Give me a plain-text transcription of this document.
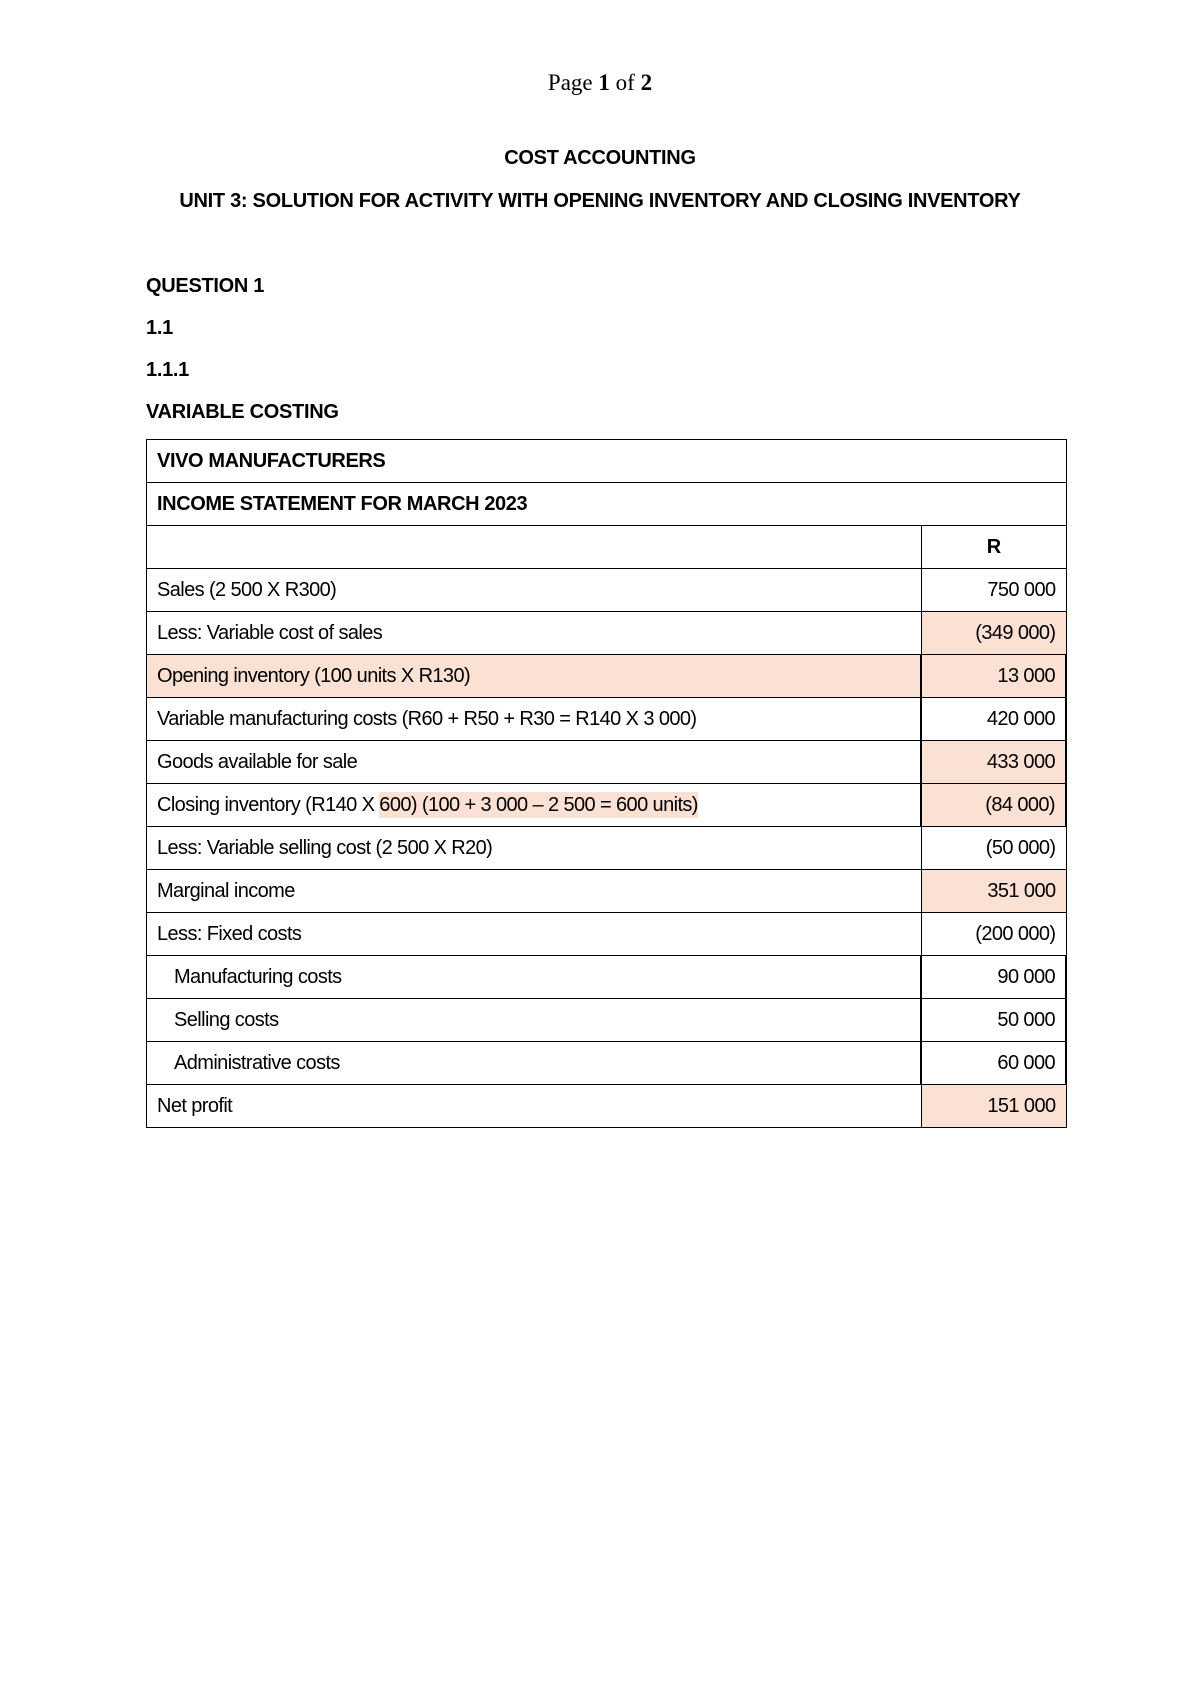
Page 1 of 2
COST ACCOUNTING
UNIT 3: SOLUTION FOR ACTIVITY WITH OPENING INVENTORY AND CLOSING INVENTORY
QUESTION 1
1.1
1.1.1
VARIABLE COSTING
VIVO MANUFACTURERS	
INCOME STATEMENT FOR MARCH 2023	
	R
Sales (2 500 X R300)	750 000
Less: Variable cost of sales	(349 000)
Opening inventory (100 units X R130)	13 000
Variable manufacturing costs (R60 + R50 + R30 = R140 X 3 000)	420 000
Goods available for sale	433 000
Closing inventory (R140 X 600) (100 + 3 000 – 2 500 = 600 units)	(84 000)
Less: Variable selling cost (2 500 X R20)	(50 000)
Marginal income	351 000
Less: Fixed costs	(200 000)
Manufacturing costs	90 000
Selling costs	50 000
Administrative costs	60 000
Net profit	151 000
